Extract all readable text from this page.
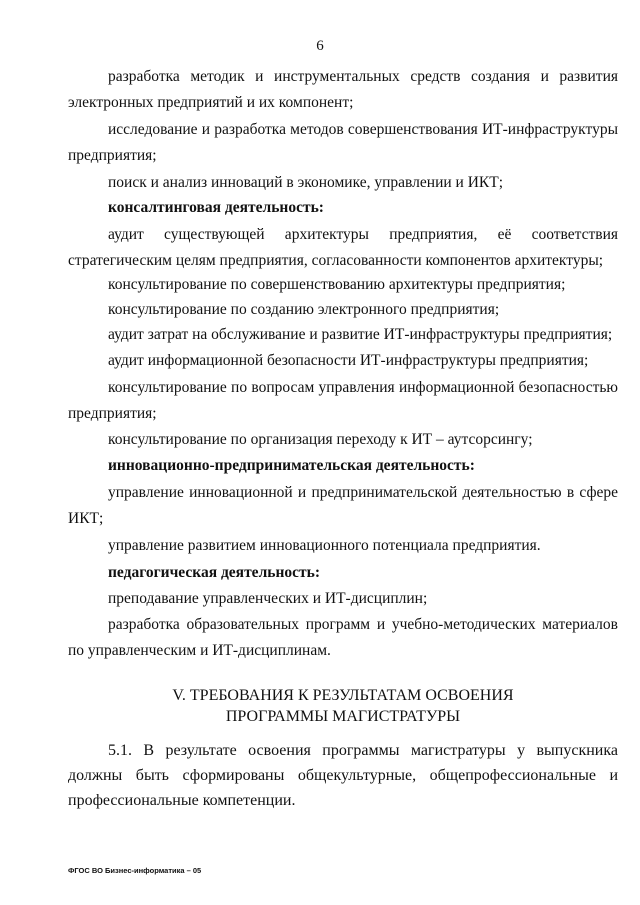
6

разработка методик и инструментальных средств создания и развития электронных предприятий и их компонент;

исследование и разработка методов совершенствования ИТ-инфраструктуры предприятия;

поиск и анализ инноваций в экономике, управлении и ИКТ;

консалтинговая деятельность:

аудит существующей архитектуры предприятия, её соответствия стратегическим целям предприятия, согласованности компонентов архитектуры;

консультирование по совершенствованию архитектуры предприятия;

консультирование по созданию электронного предприятия;

аудит затрат на обслуживание и развитие ИТ-инфраструктуры предприятия;

аудит информационной безопасности ИТ-инфраструктуры предприятия;

консультирование по вопросам управления информационной безопасностью предприятия;

консультирование по организация переходу к ИТ – аутсорсингу;

инновационно-предпринимательская деятельность:

управление инновационной и предпринимательской деятельностью в сфере ИКТ;

управление развитием инновационного потенциала предприятия.

педагогическая деятельность:

преподавание управленческих и ИТ-дисциплин;

разработка образовательных программ и учебно-методических материалов по управленческим и ИТ-дисциплинам.

V. ТРЕБОВАНИЯ К РЕЗУЛЬТАТАМ ОСВОЕНИЯ
ПРОГРАММЫ МАГИСТРАТУРЫ

5.1. В результате освоения программы магистратуры у выпускника должны быть сформированы общекультурные, общепрофессиональные и профессиональные компетенции.

ФГОС ВО Бизнес-информатика – 05
